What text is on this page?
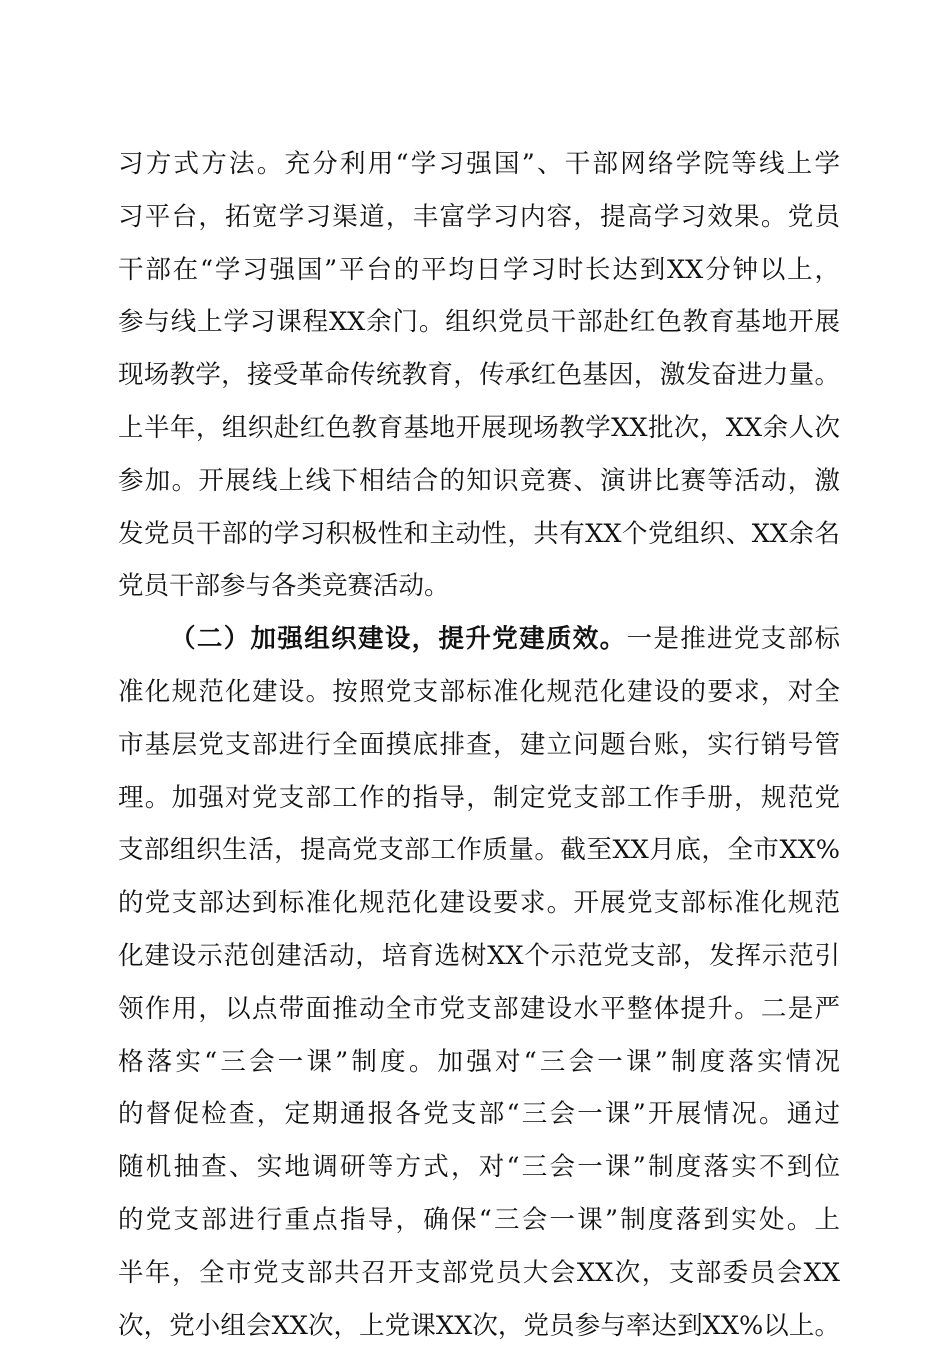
习方式方法。充分利用“学习强国”、干部网络学院等线上学
习平台，拓宽学习渠道，丰富学习内容，提高学习效果。党员
干部在“学习强国”平台的平均日学习时长达到XX分钟以上，
参与线上学习课程XX余门。组织党员干部赴红色教育基地开展
现场教学，接受革命传统教育，传承红色基因，激发奋进力量。
上半年，组织赴红色教育基地开展现场教学XX批次，XX余人次
参加。开展线上线下相结合的知识竞赛、演讲比赛等活动，激
发党员干部的学习积极性和主动性，共有XX个党组织、XX余名
党员干部参与各类竞赛活动。
（二）加强组织建设，提升党建质效。一是推进党支部标
准化规范化建设。按照党支部标准化规范化建设的要求，对全
市基层党支部进行全面摸底排查，建立问题台账，实行销号管
理。加强对党支部工作的指导，制定党支部工作手册，规范党
支部组织生活，提高党支部工作质量。截至XX月底，全市XX%
的党支部达到标准化规范化建设要求。开展党支部标准化规范
化建设示范创建活动，培育选树XX个示范党支部，发挥示范引
领作用，以点带面推动全市党支部建设水平整体提升。二是严
格落实“三会一课”制度。加强对“三会一课”制度落实情况
的督促检查，定期通报各党支部“三会一课”开展情况。通过
随机抽查、实地调研等方式，对“三会一课”制度落实不到位
的党支部进行重点指导，确保“三会一课”制度落到实处。上
半年，全市党支部共召开支部党员大会XX次，支部委员会XX
次，党小组会XX次，上党课XX次，党员参与率达到XX%以上。
